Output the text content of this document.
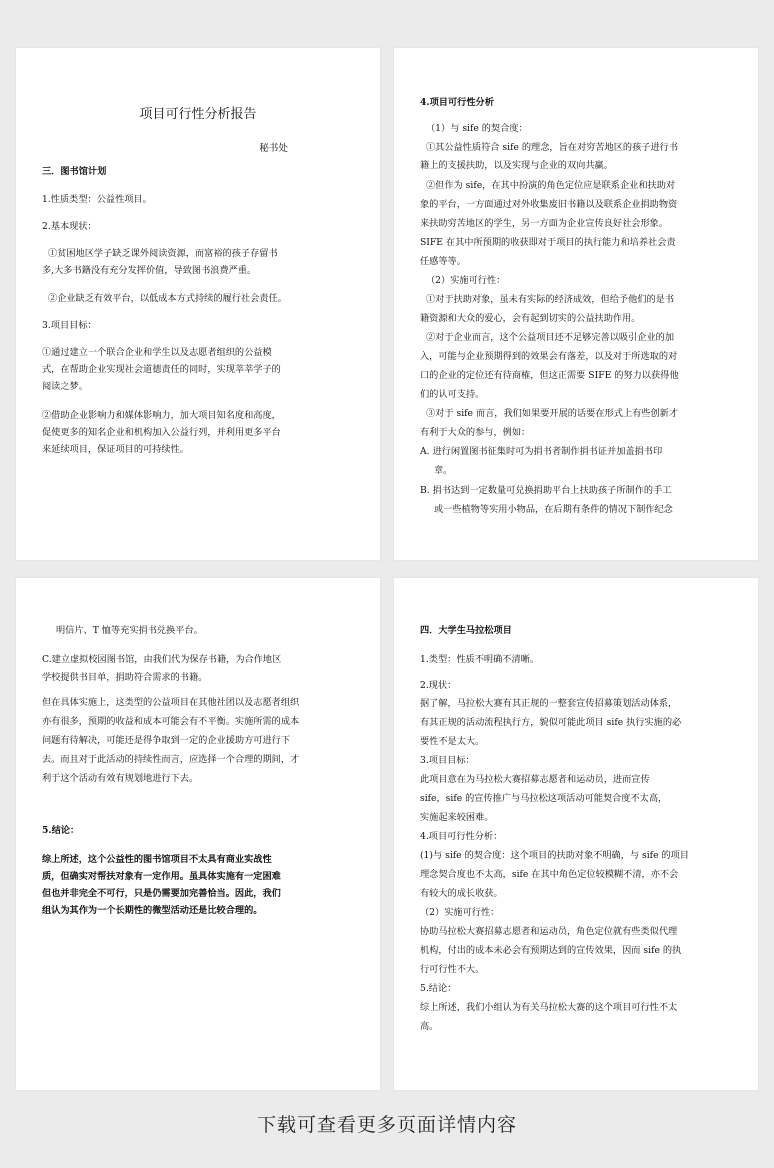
项目可行性分析报告
秘书处
三．图书馆计划
1.性质类型：公益性项目。
2.基本现状：
①贫困地区学子缺乏课外阅读资源，而富裕的孩子存留书
多,大多书籍没有充分发挥价值，导致图书浪费严重。
②企业缺乏有效平台，以低成本方式持续的履行社会责任。
3.项目目标：
①通过建立一个联合企业和学生以及志愿者组织的公益模
式，在帮助企业实现社会道德责任的同时，实现莘莘学子的
阅读之梦。
②借助企业影响力和媒体影响力，加大项目知名度和高度，
促使更多的知名企业和机构加入公益行列，并利用更多平台
来延续项目，保证项目的可持续性。
4.项目可行性分析
（1）与 sife 的契合度：
①其公益性质符合 sife 的理念，旨在对穷苦地区的孩子进行书
籍上的支援扶助，以及实现与企业的双向共赢。
②但作为 sife，在其中扮演的角色定位应是联系企业和扶助对
象的平台，一方面通过对外收集废旧书籍以及联系企业捐助物资
来扶助穷苦地区的学生，另一方面为企业宣传良好社会形象。
SIFE 在其中所预期的收获即对于项目的执行能力和培养社会责
任感等等。
（2）实施可行性：
①对于扶助对象，虽未有实际的经济成效，但给予他们的是书
籍资源和大众的爱心，会有起到切实的公益扶助作用。
②对于企业而言，这个公益项目还不足够完善以吸引企业的加
入，可能与企业预期得到的效果会有落差，以及对于所选取的对
口的企业的定位还有待商榷，但这正需要 SIFE 的努力以获得他
们的认可支持。
③对于 sife 而言，我们如果要开展的话要在形式上有些创新才
有利于大众的参与，例如：
A. 进行闲置图书征集时可为捐书者制作捐书证并加盖捐书印
章。
B. 捐书达到一定数量可兑换捐助平台上扶助孩子所制作的手工
或一些植物等实用小物品，在后期有条件的情况下制作纪念
明信片、T 恤等充实捐书兑换平台。
C.建立虚拟校园图书馆，由我们代为保存书籍，为合作地区
学校提供书目单，捐助符合需求的书籍。
但在具体实施上，这类型的公益项目在其他社团以及志愿者组织
亦有很多，预期的收益和成本可能会有不平衡。实施所需的成本
问题有待解决，可能还是得争取到一定的企业援助方可进行下
去。而且对于此活动的持续性而言，应选择一个合理的期间，才
利于这个活动有效有规划地进行下去。
5.结论：
综上所述，这个公益性的图书馆项目不太具有商业实战性
质，但确实对帮扶对象有一定作用。虽具体实施有一定困难
但也并非完全不可行，只是仍需要加完善恰当。因此，我们
组认为其作为一个长期性的微型活动还是比较合理的。
四．大学生马拉松项目
1.类型：性质不明确不清晰。
2.现状：
据了解，马拉松大赛有其正规的一整套宣传招募策划活动体系，
有其正规的活动流程执行方，貌似可能此项目 sife 执行实施的必
要性不是太大。
3.项目目标：
此项目意在为马拉松大赛招募志愿者和运动员，进而宣传
sife，sife 的宣传推广与马拉松这项活动可能契合度不太高，
实施起来较困难。
4.项目可行性分析：
(1)与 sife 的契合度：这个项目的扶助对象不明确，与 sife 的项目
理念契合度也不太高，sife 在其中角色定位较模糊不清，亦不会
有较大的成长收获。
（2）实施可行性：
协助马拉松大赛招募志愿者和运动员，角色定位就有些类似代理
机构，付出的成本未必会有预期达到的宣传效果，因而 sife 的执
行可行性不大。
5.结论：
综上所述，我们小组认为有关马拉松大赛的这个项目可行性不太
高。
下载可查看更多页面详情内容
